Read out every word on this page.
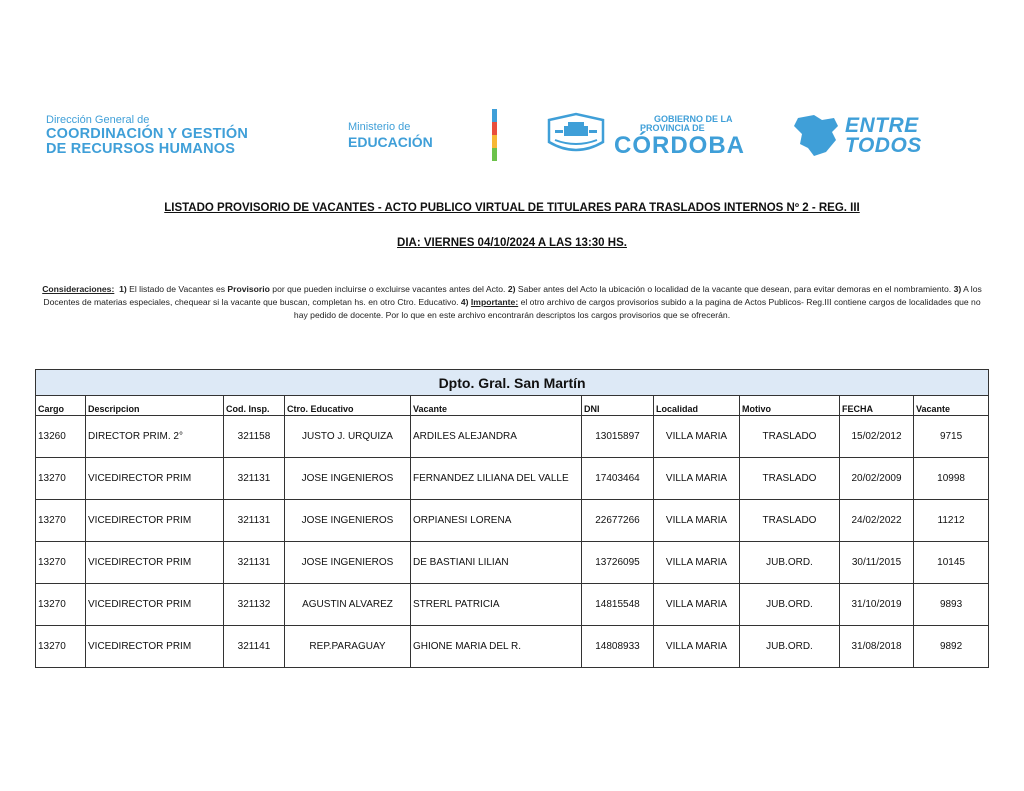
Dirección General de
COORDINACIÓN Y GESTIÓN
DE RECURSOS HUMANOS
Ministerio de
EDUCACIÓN
GOBIERNO DE LA
PROVINCIA DE
CÓRDOBA
ENTRE
TODOS
LISTADO PROVISORIO DE VACANTES - ACTO PUBLICO VIRTUAL DE TITULARES PARA TRASLADOS INTERNOS Nº 2 - REG. III
DIA: VIERNES 04/10/2024 A LAS 13:30 HS.
Consideraciones: 1) El listado de Vacantes es Provisorio por que pueden incluirse o excluirse vacantes antes del Acto. 2) Saber antes del Acto la ubicación o localidad de la vacante que desean, para evitar demoras en el nombramiento. 3) A los Docentes de materias especiales, chequear si la vacante que buscan, completan hs. en otro Ctro. Educativo. 4) Importante: el otro archivo de cargos provisorios subido a la pagina de Actos Publicos- Reg.III contiene cargos de localidades que no hay pedido de docente. Por lo que en este archivo encontrarán descriptos los cargos provisorios que se ofrecerán.
Dpto. Gral. San Martín									
Cargo	Descripcion	Cod. Insp.	Ctro. Educativo	Vacante	DNI	Localidad	Motivo	FECHA	Vacante
13260	DIRECTOR PRIM. 2°	321158	JUSTO J. URQUIZA	ARDILES ALEJANDRA	13015897	VILLA MARIA	TRASLADO	15/02/2012	9715
13270	VICEDIRECTOR PRIM	321131	JOSE INGENIEROS	FERNANDEZ LILIANA DEL VALLE	17403464	VILLA MARIA	TRASLADO	20/02/2009	10998
13270	VICEDIRECTOR PRIM	321131	JOSE INGENIEROS	ORPIANESI LORENA	22677266	VILLA MARIA	TRASLADO	24/02/2022	11212
13270	VICEDIRECTOR PRIM	321131	JOSE INGENIEROS	DE BASTIANI LILIAN	13726095	VILLA MARIA	JUB.ORD.	30/11/2015	10145
13270	VICEDIRECTOR PRIM	321132	AGUSTIN ALVAREZ	STRERL PATRICIA	14815548	VILLA MARIA	JUB.ORD.	31/10/2019	9893
13270	VICEDIRECTOR PRIM	321141	REP.PARAGUAY	GHIONE MARIA DEL R.	14808933	VILLA MARIA	JUB.ORD.	31/08/2018	9892
